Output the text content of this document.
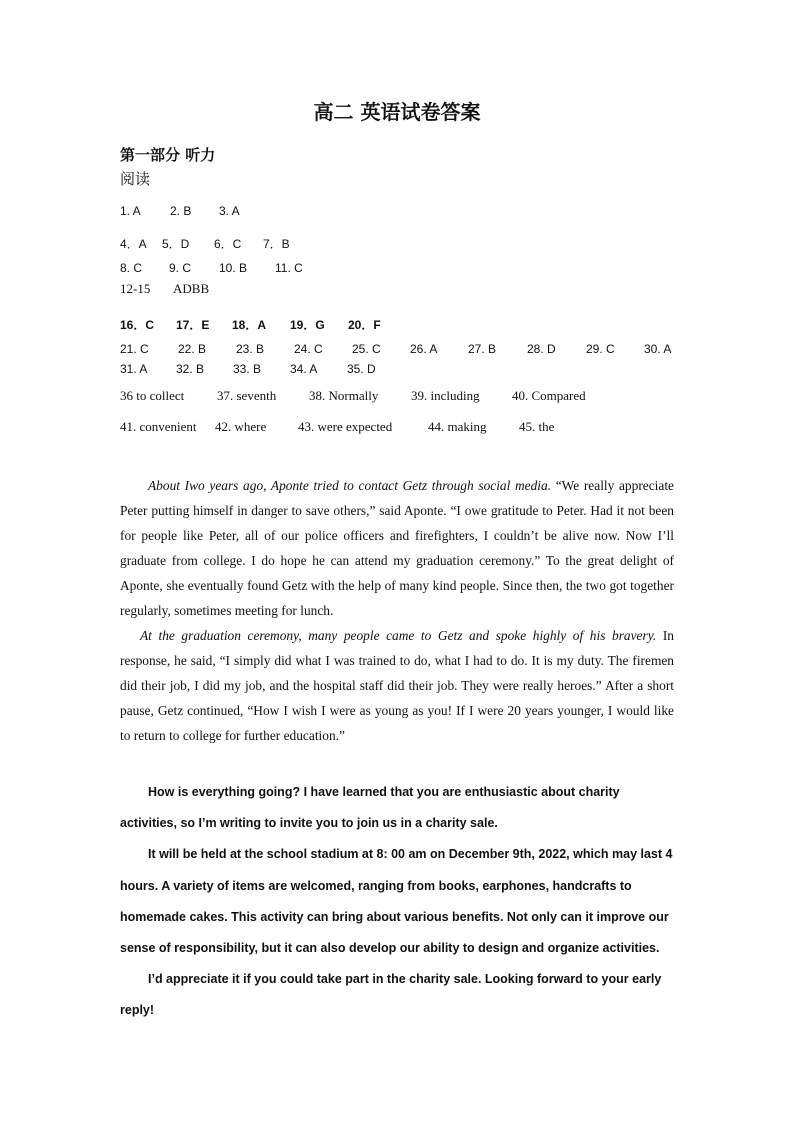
高二 英语试卷答案
第一部分 听力
阅读
1. A 2. B 3. A
4．A 5．D 6．C 7．B
8. C 9. C 10. B 11. C
12-15 ADBB
16．C 17．E 18．A 19．G 20．F
21. C 22. B 23. B 24. C 25. C 26. A	27. B	28. D	29. C 30. A
31. A 32. B 33. B 34. A 35. D
36 to collect	37. seventh	38. Normally	39. including 40. Compared
41. convenient 42. where 43. were expected	44. making	45. the

About Iwo years ago, Aponte tried to contact Getz through social media. “We really appreciate Peter putting himself in danger to save others,” said Aponte. “I owe gratitude to Peter. Had it not been for people like Peter, all of our police officers and firefighters, I couldn’t be alive now. Now I’ll graduate from college. I do hope he can attend my graduation ceremony.” To the great delight of Aponte, she eventually found Getz with the help of many kind people. Since then, the two got together regularly, sometimes meeting for lunch.

At the graduation ceremony, many people came to Getz and spoke highly of his bravery. In response, he said, “I simply did what I was trained to do, what I had to do. It is my duty. The firemen did their job, I did my job, and the hospital staff did their job. They were really heroes.” After a short pause, Getz continued, “How I wish I were as young as you! If I were 20 years younger, I would like to return to college for further education.”

How is everything going? I have learned that you are enthusiastic about charity activities, so I’m writing to invite you to join us in a charity sale.

It will be held at the school stadium at 8: 00 am on December 9th, 2022, which may last 4 hours. A variety of items are welcomed, ranging from books, earphones, handcrafts to homemade cakes. This activity can bring about various benefits. Not only can it improve our sense of responsibility, but it can also develop our ability to design and organize activities.

I’d appreciate it if you could take part in the charity sale. Looking forward to your early reply!
